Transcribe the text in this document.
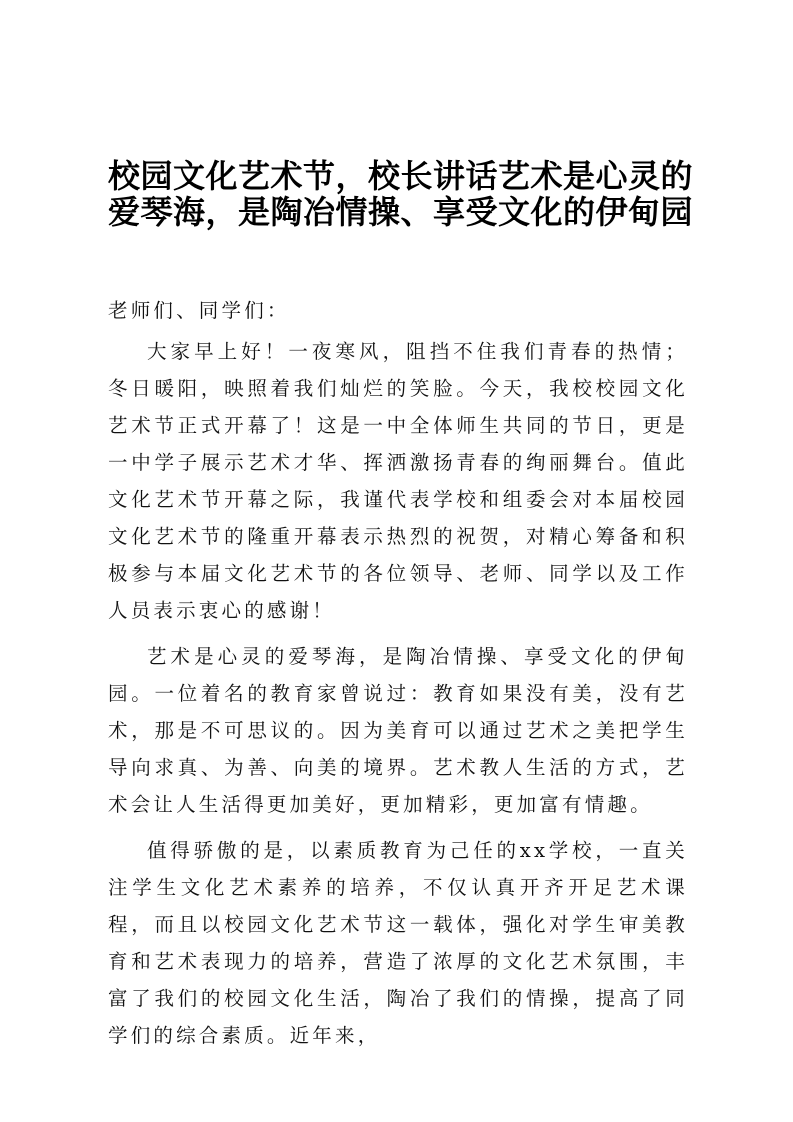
校园文化艺术节，校长讲话艺术是心灵的
爱琴海，是陶冶情操、享受文化的伊甸园

老师们、同学们：

大家早上好！一夜寒风，阻挡不住我们青春的热情；冬日暖阳，映照着我们灿烂的笑脸。今天，我校校园文化艺术节正式开幕了！这是一中全体师生共同的节日，更是一中学子展示艺术才华、挥洒激扬青春的绚丽舞台。值此文化艺术节开幕之际，我谨代表学校和组委会对本届校园文化艺术节的隆重开幕表示热烈的祝贺，对精心筹备和积极参与本届文化艺术节的各位领导、老师、同学以及工作人员表示衷心的感谢！

艺术是心灵的爱琴海，是陶冶情操、享受文化的伊甸园。一位着名的教育家曾说过：教育如果没有美，没有艺术，那是不可思议的。因为美育可以通过艺术之美把学生导向求真、为善、向美的境界。艺术教人生活的方式，艺术会让人生活得更加美好，更加精彩，更加富有情趣。

值得骄傲的是，以素质教育为己任的xx学校，一直关注学生文化艺术素养的培养，不仅认真开齐开足艺术课程，而且以校园文化艺术节这一载体，强化对学生审美教育和艺术表现力的培养，营造了浓厚的文化艺术氛围，丰富了我们的校园文化生活，陶冶了我们的情操，提高了同学们的综合素质。近年来，
